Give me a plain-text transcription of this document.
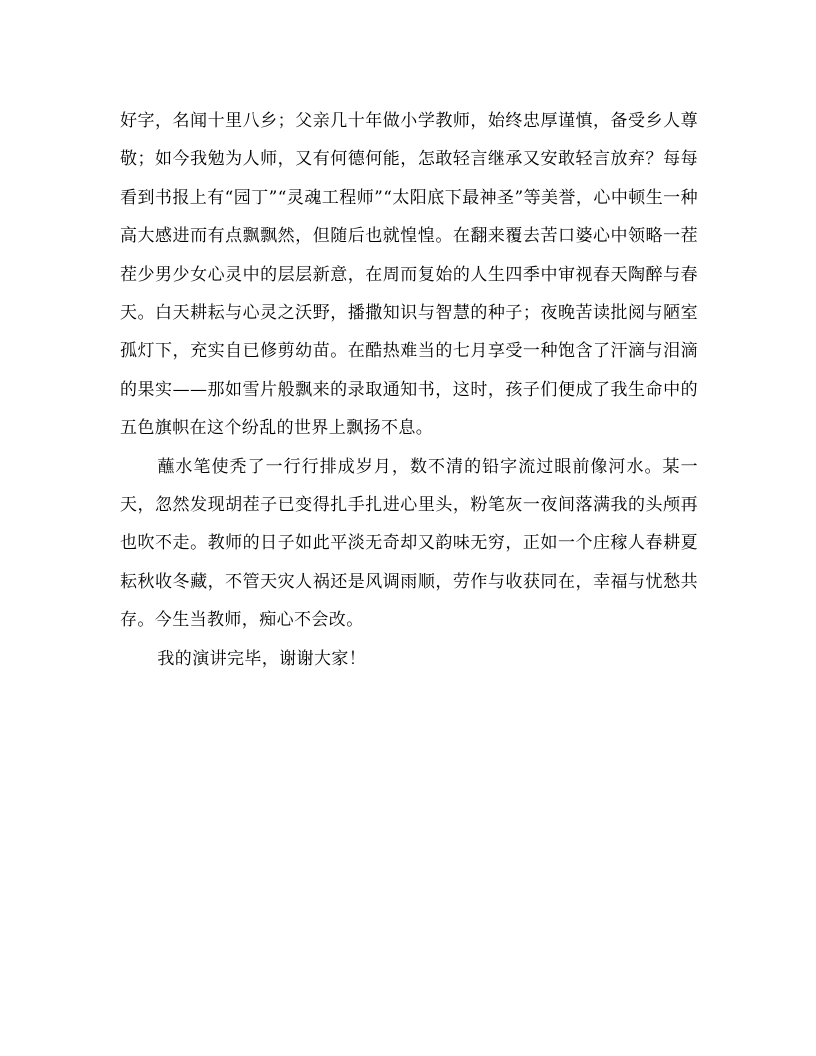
好字，名闻十里八乡；父亲几十年做小学教师，始终忠厚谨慎，备受乡人尊敬；如今我勉为人师，又有何德何能，怎敢轻言继承又安敢轻言放弃？每每看到书报上有“园丁”“灵魂工程师”“太阳底下最神圣”等美誉，心中顿生一种高大感进而有点飘飘然，但随后也就惶惶。在翻来覆去苦口婆心中领略一茬茬少男少女心灵中的层层新意，在周而复始的人生四季中审视春天陶醉与春天。白天耕耘与心灵之沃野，播撒知识与智慧的种子；夜晚苦读批阅与陋室孤灯下，充实自已修剪幼苗。在酷热难当的七月享受一种饱含了汗滴与泪滴的果实——那如雪片般飘来的录取通知书，这时，孩子们便成了我生命中的五色旗帜在这个纷乱的世界上飘扬不息。

蘸水笔使秃了一行行排成岁月，数不清的铅字流过眼前像河水。某一天，忽然发现胡茬子已变得扎手扎进心里头，粉笔灰一夜间落满我的头颅再也吹不走。教师的日子如此平淡无奇却又韵味无穷，正如一个庄稼人春耕夏耘秋收冬藏，不管天灾人祸还是风调雨顺，劳作与收获同在，幸福与忧愁共存。今生当教师，痴心不会改。

我的演讲完毕，谢谢大家！
